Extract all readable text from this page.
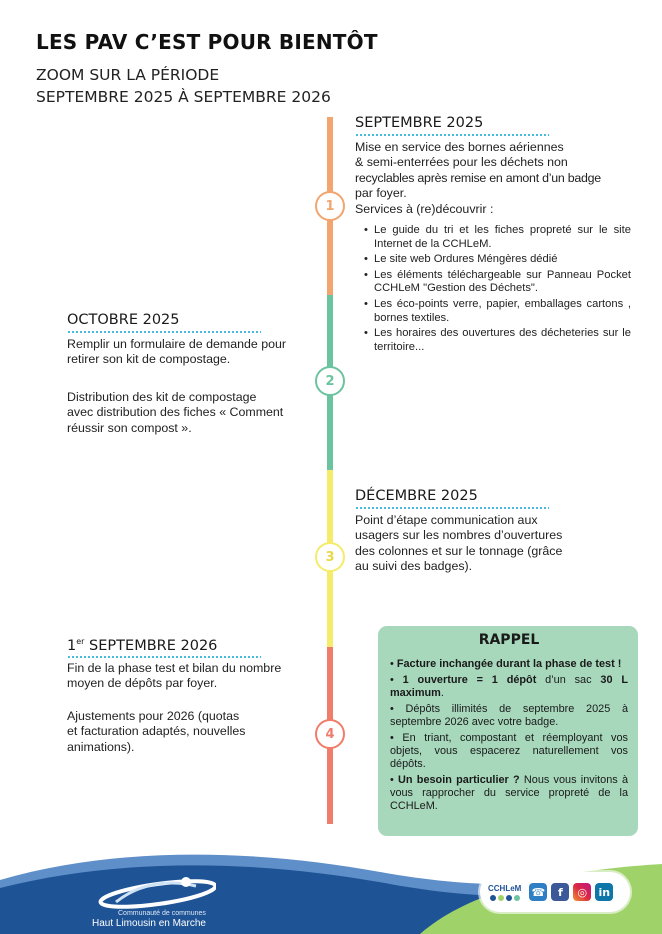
LES PAV C’EST POUR BIENTÔT
ZOOM SUR LA PÉRIODE
SEPTEMBRE 2025 À SEPTEMBRE 2026
1
2
3
4
SEPTEMBRE 2025
Mise en service des bornes aériennes
& semi-enterrées pour les déchets non
recyclables après remise en amont d’un badge
par foyer.
Services à (re)découvrir :
• Le guide du tri et les fiches propreté sur le site Internet de la CCHLeM.
• Le site web Ordures Méngères dédié
• Les éléments téléchargeable sur Panneau Pocket CCHLeM "Gestion des Déchets".
• Les éco-points verre, papier, emballages cartons , bornes textiles.
• Les horaires des ouvertures des décheteries sur le territoire...
OCTOBRE 2025
Remplir un formulaire de demande pour
retirer son kit de compostage.
Distribution des kit de compostage
avec distribution des fiches « Comment
réussir son compost ».
DÉCEMBRE 2025
Point d’étape communication aux
usagers sur les nombres d’ouvertures
des colonnes et sur le tonnage (grâce
au suivi des badges).
1er SEPTEMBRE 2026
Fin de la phase test et bilan du nombre
moyen de dépôts par foyer.
Ajustements pour 2026 (quotas
et facturation adaptés, nouvelles
animations).
RAPPEL
• Facture inchangée durant la phase de test !
• 1 ouverture = 1 dépôt d’un sac 30 L maximum.
• Dépôts illimités de septembre 2025 à septembre 2026 avec votre badge.
• En triant, compostant et réemployant vos objets, vous espacerez naturellement vos dépôts.
• Un besoin particulier ? Nous vous invitons à vous rapprocher du service propreté de la CCHLeM.
Communauté de communes
Haut Limousin en Marche
CCHLeM ☎	f	◎	in
